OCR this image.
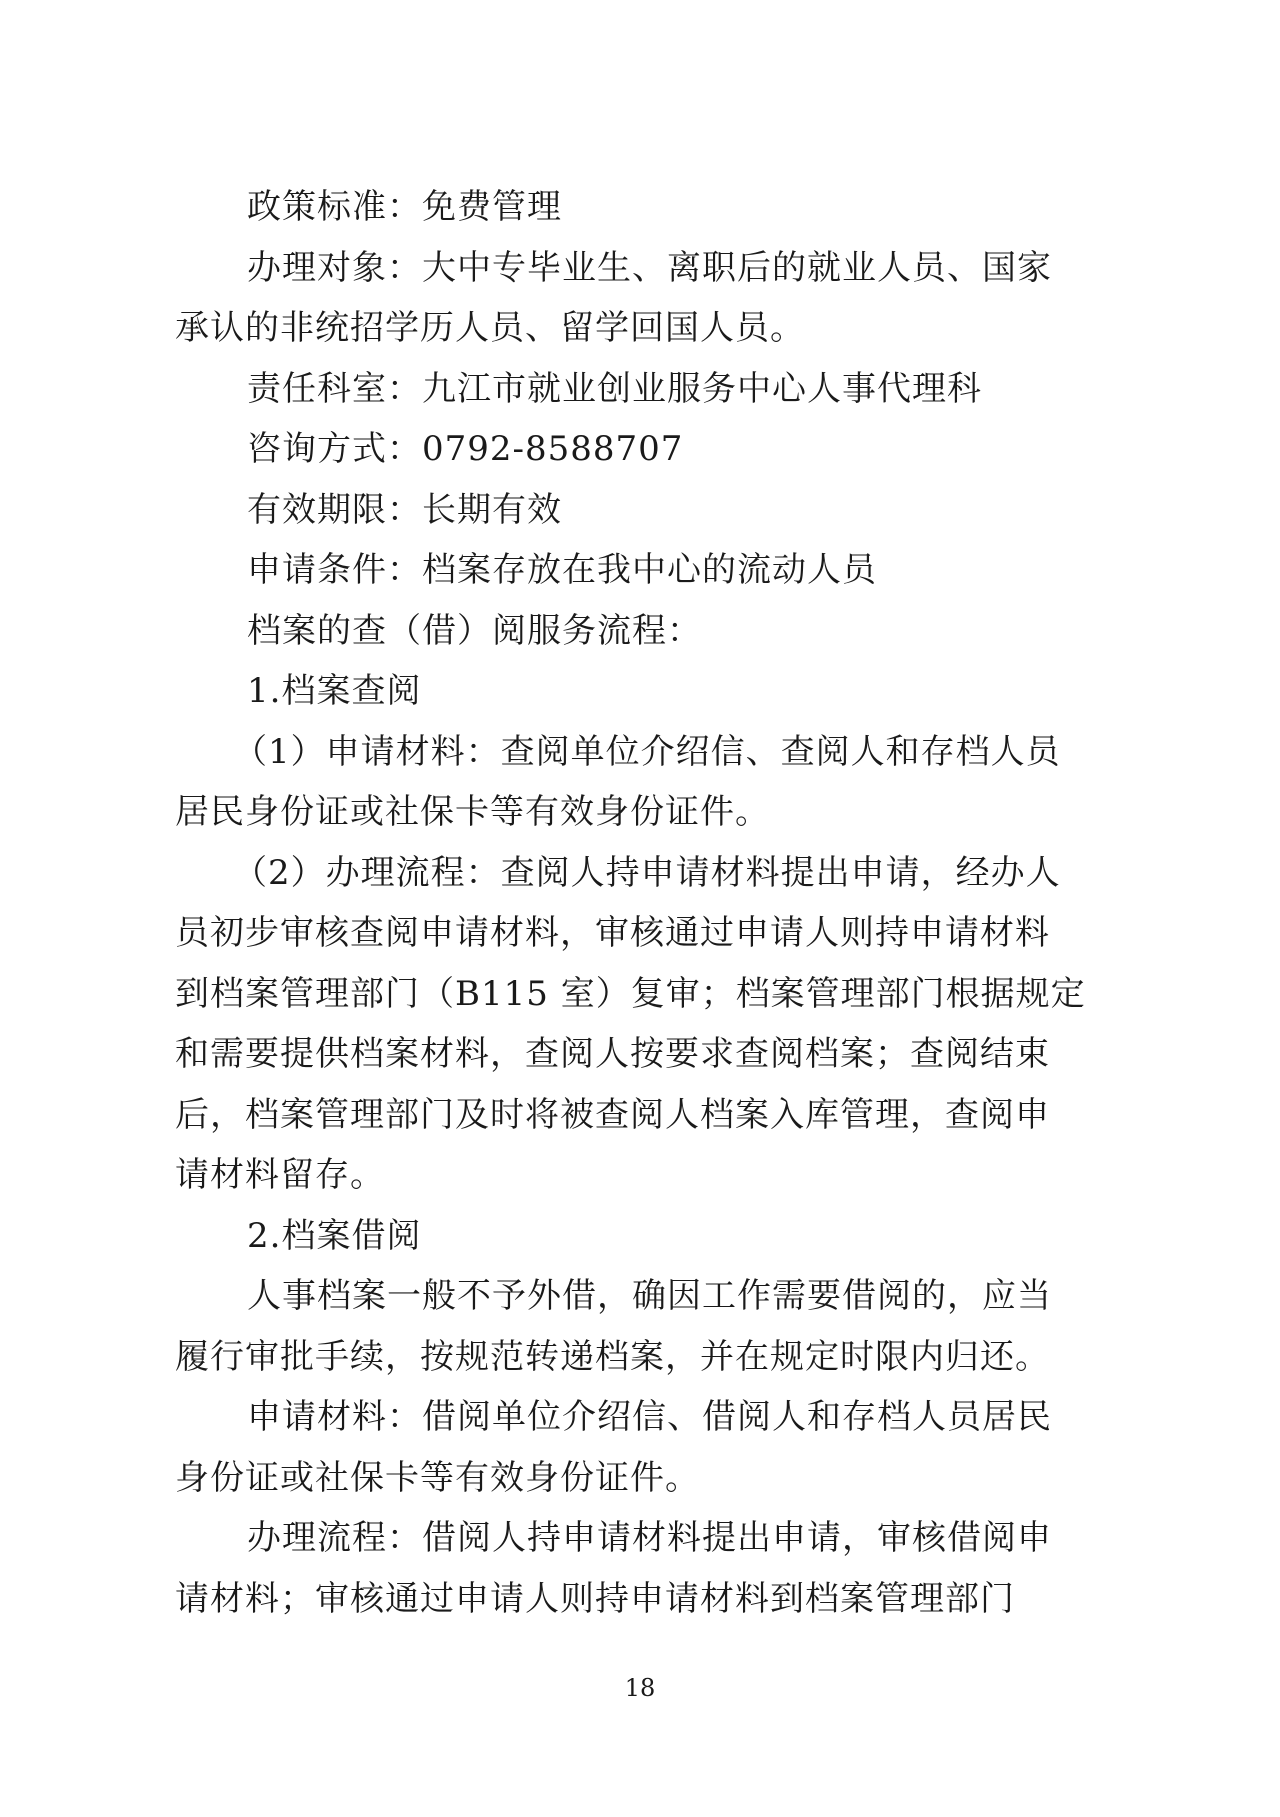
政策标准：免费管理
办理对象：大中专毕业生、离职后的就业人员、国家
承认的非统招学历人员、留学回国人员。
责任科室：九江市就业创业服务中心人事代理科
咨询方式：0792-8588707
有效期限：长期有效
申请条件：档案存放在我中心的流动人员
档案的查（借）阅服务流程：
1.档案查阅
（1）申请材料：查阅单位介绍信、查阅人和存档人员
居民身份证或社保卡等有效身份证件。
（2）办理流程：查阅人持申请材料提出申请，经办人
员初步审核查阅申请材料，审核通过申请人则持申请材料
到档案管理部门（B115 室）复审；档案管理部门根据规定
和需要提供档案材料，查阅人按要求查阅档案；查阅结束
后，档案管理部门及时将被查阅人档案入库管理，查阅申
请材料留存。
2.档案借阅
人事档案一般不予外借，确因工作需要借阅的，应当
履行审批手续，按规范转递档案，并在规定时限内归还。
申请材料：借阅单位介绍信、借阅人和存档人员居民
身份证或社保卡等有效身份证件。
办理流程：借阅人持申请材料提出申请，审核借阅申
请材料；审核通过申请人则持申请材料到档案管理部门
18
